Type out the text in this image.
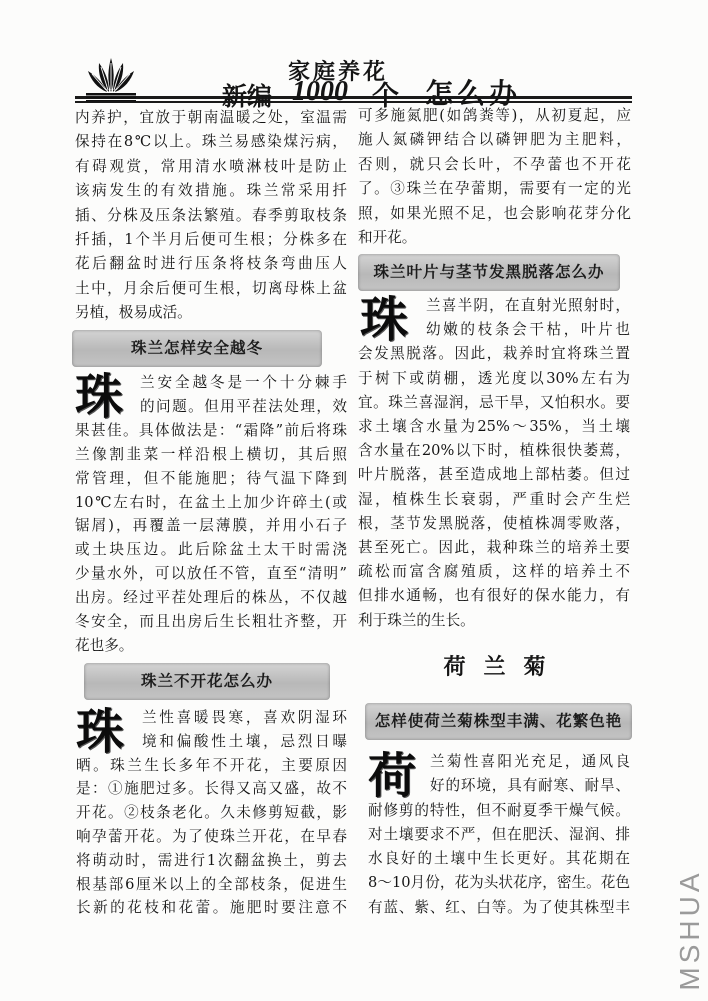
家庭养花
新编 1000 个 怎么办
内养护，宜放于朝南温暖之处，室温需
保持在8℃以上。珠兰易感染煤污病，
有碍观赏，常用清水喷淋枝叶是防止
该病发生的有效措施。珠兰常采用扦
插、分株及压条法繁殖。春季剪取枝条
扦插，1个半月后便可生根；分株多在
花后翻盆时进行压条将枝条弯曲压人
土中，月余后便可生根，切离母株上盆
另植，极易成活。
珠兰怎样安全越冬
珠	兰安全越冬是一个十分棘手
的问题。但用平茬法处理，效
果甚佳。具体做法是：“霜降”前后将珠
兰像割韭菜一样沿根上横切，其后照
常管理，但不能施肥；待气温下降到
10℃左右时，在盆土上加少许碎土(或
锯屑)，再覆盖一层薄膜，并用小石子
或土块压边。此后除盆土太干时需浇
少量水外，可以放任不管，直至“清明”
出房。经过平茬处理后的株丛，不仅越
冬安全，而且出房后生长粗壮齐整，开
花也多。
珠兰不开花怎么办
珠	兰性喜暖畏寒，喜欢阴湿环
境和偏酸性土壤，忌烈日曝
晒。珠兰生长多年不开花，主要原因
是：①施肥过多。长得又高又盛，故不
开花。②枝条老化。久未修剪短截，影
响孕蕾开花。为了使珠兰开花，在早春
将萌动时，需进行1次翻盆换土，剪去
根基部6厘米以上的全部枝条，促进生
长新的花枝和花蕾。施肥时要注意不
可多施氮肥(如鸽粪等)，从初夏起，应
施人氮磷钾结合以磷钾肥为主肥料，
否则，就只会长叶，不孕蕾也不开花
了。③珠兰在孕蕾期，需要有一定的光
照，如果光照不足，也会影响花芽分化
和开花。
珠兰叶片与茎节发黑脱落怎么办
珠	兰喜半阴，在直射光照射时，
幼嫩的枝条会干枯，叶片也
会发黑脱落。因此，栽养时宜将珠兰置
于树下或荫棚，透光度以30%左右为
宜。珠兰喜湿润，忌干旱，又怕积水。要
求土壤含水量为25%～35%，当土壤
含水量在20%以下时，植株很快萎蔫，
叶片脱落，甚至造成地上部枯萎。但过
湿，植株生长衰弱，严重时会产生烂
根，茎节发黑脱落，使植株凋零败落，
甚至死亡。因此，栽种珠兰的培养土要
疏松而富含腐殖质，这样的培养土不
但排水通畅，也有很好的保水能力，有
利于珠兰的生长。
荷兰菊
怎样使荷兰菊株型丰满、花繁色艳
荷 兰菊性喜阳光充足，通风良
好的环境，具有耐寒、耐旱、
耐修剪的特性，但不耐夏季干燥气候。
对土壤要求不严，但在肥沃、湿润、排
水良好的土壤中生长更好。其花期在
8～10月份，花为头状花序，密生。花色
有蓝、紫、红、白等。为了使其株型丰 MSHUA
